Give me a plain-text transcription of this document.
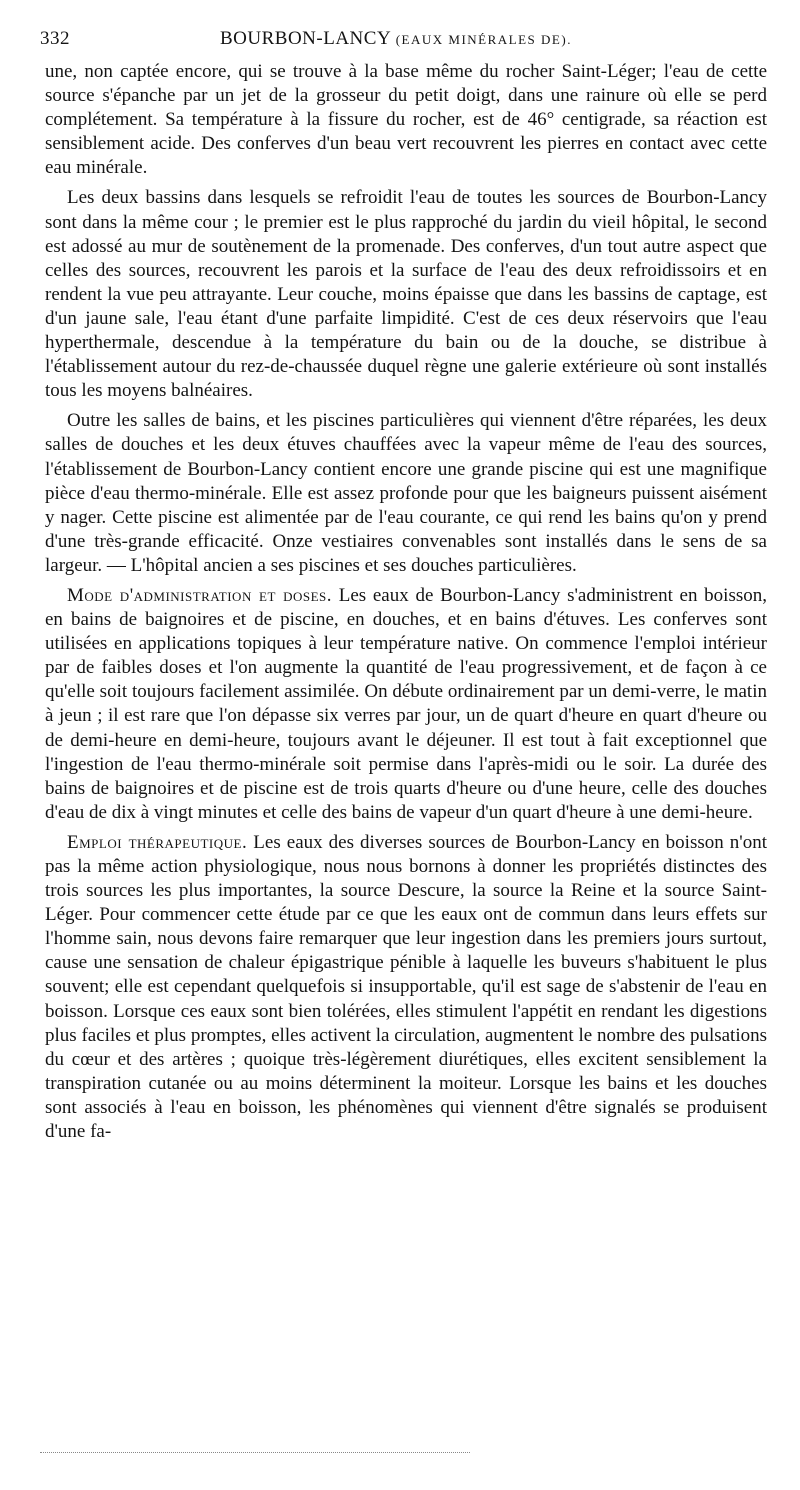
332	BOURBON-LANCY (EAUX MINÉRALES DE).

une, non captée encore, qui se trouve à la base même du rocher Saint-Léger; l'eau de cette source s'épanche par un jet de la grosseur du petit doigt, dans une rainure où elle se perd complétement. Sa température à la fissure du rocher, est de 46° centigrade, sa réaction est sensiblement acide. Des conferves d'un beau vert recouvrent les pierres en contact avec cette eau minérale.

Les deux bassins dans lesquels se refroidit l'eau de toutes les sources de Bourbon-Lancy sont dans la même cour ; le premier est le plus rapproché du jardin du vieil hôpital, le second est adossé au mur de soutènement de la promenade. Des conferves, d'un tout autre aspect que celles des sources, recouvrent les parois et la surface de l'eau des deux refroidissoirs et en rendent la vue peu attrayante. Leur couche, moins épaisse que dans les bassins de captage, est d'un jaune sale, l'eau étant d'une parfaite limpidité. C'est de ces deux réservoirs que l'eau hyperthermale, descendue à la température du bain ou de la douche, se distribue à l'établissement autour du rez-de-chaussée duquel règne une galerie extérieure où sont installés tous les moyens balnéaires.

Outre les salles de bains, et les piscines particulières qui viennent d'être réparées, les deux salles de douches et les deux étuves chauffées avec la vapeur même de l'eau des sources, l'établissement de Bourbon-Lancy contient encore une grande piscine qui est une magnifique pièce d'eau thermo-minérale. Elle est assez profonde pour que les baigneurs puissent aisément y nager. Cette piscine est alimentée par de l'eau courante, ce qui rend les bains qu'on y prend d'une très-grande efficacité. Onze vestiaires convenables sont installés dans le sens de sa largeur. — L'hôpital ancien a ses piscines et ses douches particulières.

Mode d'administration et doses. Les eaux de Bourbon-Lancy s'administrent en boisson, en bains de baignoires et de piscine, en douches, et en bains d'étuves. Les conferves sont utilisées en applications topiques à leur température native. On commence l'emploi intérieur par de faibles doses et l'on augmente la quantité de l'eau progressivement, et de façon à ce qu'elle soit toujours facilement assimilée. On débute ordinairement par un demi-verre, le matin à jeun ; il est rare que l'on dépasse six verres par jour, un de quart d'heure en quart d'heure ou de demi-heure en demi-heure, toujours avant le déjeuner. Il est tout à fait exceptionnel que l'ingestion de l'eau thermo-minérale soit permise dans l'après-midi ou le soir. La durée des bains de baignoires et de piscine est de trois quarts d'heure ou d'une heure, celle des douches d'eau de dix à vingt minutes et celle des bains de vapeur d'un quart d'heure à une demi-heure.

Emploi thérapeutique. Les eaux des diverses sources de Bourbon-Lancy en boisson n'ont pas la même action physiologique, nous nous bornons à donner les propriétés distinctes des trois sources les plus importantes, la source Descure, la source la Reine et la source Saint-Léger. Pour commencer cette étude par ce que les eaux ont de commun dans leurs effets sur l'homme sain, nous devons faire remarquer que leur ingestion dans les premiers jours surtout, cause une sensation de chaleur épigastrique pénible à laquelle les buveurs s'habituent le plus souvent; elle est cependant quelquefois si insupportable, qu'il est sage de s'abstenir de l'eau en boisson. Lorsque ces eaux sont bien tolérées, elles stimulent l'appétit en rendant les digestions plus faciles et plus promptes, elles activent la circulation, augmentent le nombre des pulsations du cœur et des artères ; quoique très-légèrement diurétiques, elles excitent sensiblement la transpiration cutanée ou au moins déterminent la moiteur. Lorsque les bains et les douches sont associés à l'eau en boisson, les phénomènes qui viennent d'être signalés se produisent d'une fa-
